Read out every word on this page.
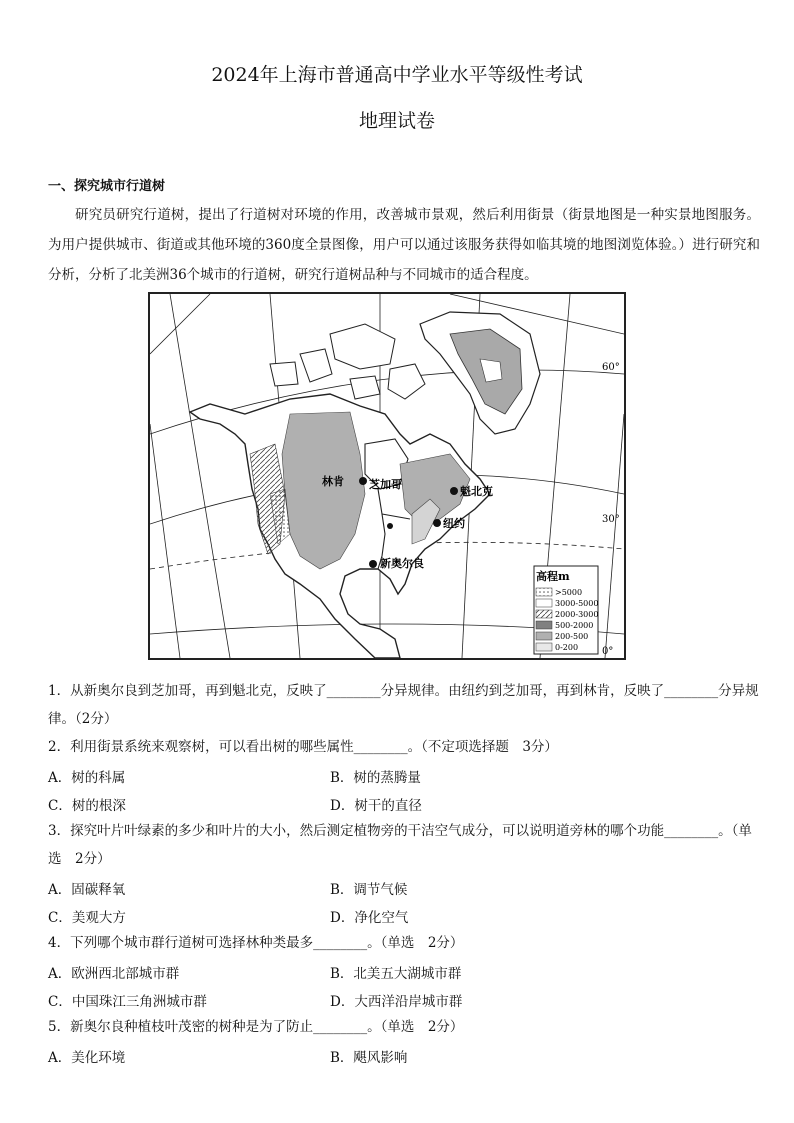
2024年上海市普通高中学业水平等级性考试
地理试卷
一、探究城市行道树

研究员研究行道树，提出了行道树对环境的作用，改善城市景观，然后利用街景（街景地图是一种实景地图服务。为用户提供城市、街道或其他环境的360度全景图像，用户可以通过该服务获得如临其境的地图浏览体验。）进行研究和分析，分析了北美洲36个城市的行道树，研究行道树品种与不同城市的适合程度。

林肯 芝加哥
魁北克
纽约
新奥尔良
60°
30°
0°
高程m
>5000
3000-5000
2000-3000
500-2000
200-500
0-200
1．从新奥尔良到芝加哥，再到魁北克，反映了________分异规律。由纽约到芝加哥，再到林肯，反映了________分异规律。（2分）
2．利用街景系统来观察树，可以看出树的哪些属性________。（不定项选择题　3分）
A．树的科属	B．树的蒸腾量
C．树的根深	D．树干的直径
3．探究叶片叶绿素的多少和叶片的大小，然后测定植物旁的干洁空气成分，可以说明道旁林的哪个功能________。（单选　2分）
A．固碳释氧	B．调节气候
C．美观大方	D．净化空气
4．下列哪个城市群行道树可选择林种类最多________。（单选　2分）
A．欧洲西北部城市群	B．北美五大湖城市群
C．中国珠江三角洲城市群	D．大西洋沿岸城市群
5．新奥尔良种植枝叶茂密的树种是为了防止________。（单选　2分）
A．美化环境	B．飓风影响
